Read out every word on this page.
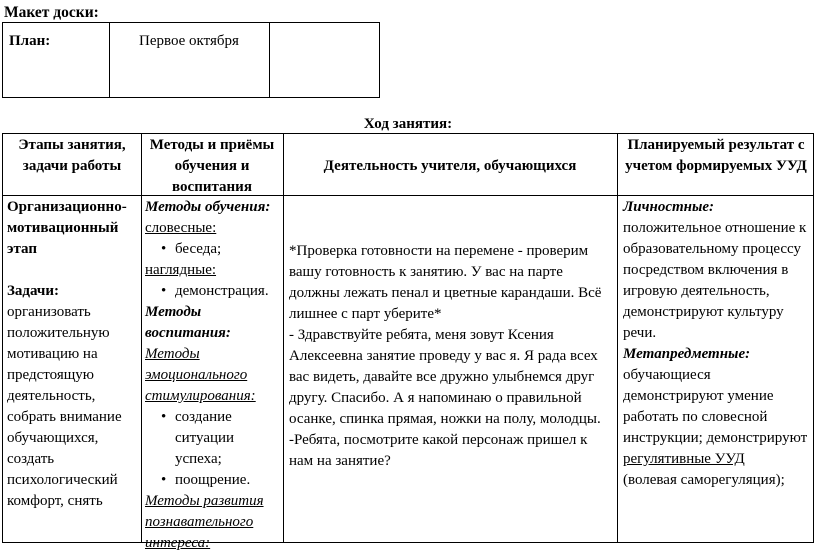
Макет доски:
План:	Первое октября
Ход занятия:
Этапы занятия, задачи работы
Методы и приёмы обучения и воспитания
Деятельность учителя, обучающихся
Планируемый результат с учетом формируемых УУД
Организационно-мотивационный этап
Задачи:
организовать положительную мотивацию на предстоящую деятельность, собрать внимание обучающихся, создать психологический комфорт, снять
Методы обучения:
словесные:
• беседа;
наглядные:
• демонстрация.
Методы воспитания:
Методы эмоционального стимулирования:
• создание ситуации успеха;
• поощрение.
Методы развития познавательного интереса:
*Проверка готовности на перемене - проверим вашу готовность к занятию. У вас на парте должны лежать пенал и цветные карандаши. Всё лишнее с парт уберите*
- Здравствуйте ребята, меня зовут Ксения Алексеевна занятие проведу у вас я. Я рада всех вас видеть, давайте все дружно улыбнемся друг другу. Спасибо. А я напоминаю о правильной осанке, спинка прямая, ножки на полу, молодцы.
-Ребята, посмотрите какой персонаж пришел к нам на занятие?
Личностные:
положительное отношение к образовательному процессу посредством включения в игровую деятельность, демонстрируют культуру речи.
Метапредметные:
обучающиеся демонстрируют умение работать по словесной инструкции; демонстрируют
регулятивные УУД
(волевая саморегуляция);
